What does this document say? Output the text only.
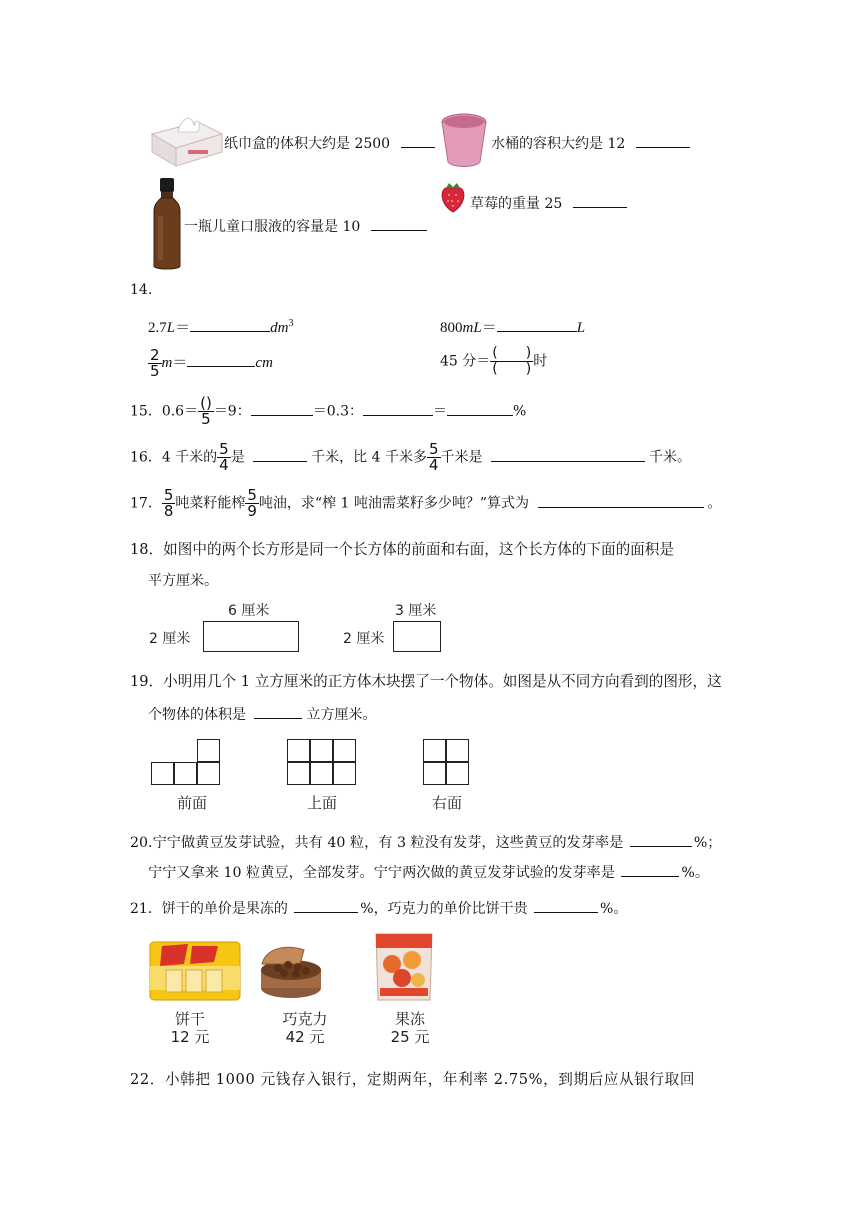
纸巾盒的体积大约是 2500	水桶的容积大约是 12
草莓的重量 25
一瓶儿童口服液的容量是 10
14.
2.7L＝	$dm^3$	800mL＝	L
$\frac{2}{5} m=$	cm	45 分＝ $\frac{( )}{( )}$ 时
15．$0.6= \frac{()}{5} =9$：	＝0.3：	＝	%
16．4 千米的 $\frac{5}{4}$ 是	千米，比 4 千米多 $\frac{5}{4}$ 千米是	千米。
17． $\frac{5}{8}$ 吨菜籽能榨 $\frac{5}{9}$ 吨油，求“榨 1 吨油需菜籽多少吨？”算式为	。
18．如图中的两个长方形是同一个长方体的前面和右面，这个长方体的下面的面积是
平方厘米。
6 厘米
2 厘米
3 厘米
2 厘米
19．小明用几个 1 立方厘米的正方体木块摆了一个物体。如图是从不同方向看到的图形，这
个物体的体积是	立方厘米。
前面	上面	右面
20.宁宁做黄豆发芽试验，共有 40 粒，有 3 粒没有发芽，这些黄豆的发芽率是	%；
宁宁又拿来 10 粒黄豆，全部发芽。宁宁两次做的黄豆发芽试验的发芽率是	%。
21．饼干的单价是果冻的	%，巧克力的单价比饼干贵	%。
饼干
12 元
巧克力
42 元
果冻
25 元
22．小韩把 1000 元钱存入银行，定期两年，年利率 2.75%，到期后应从银行取回
